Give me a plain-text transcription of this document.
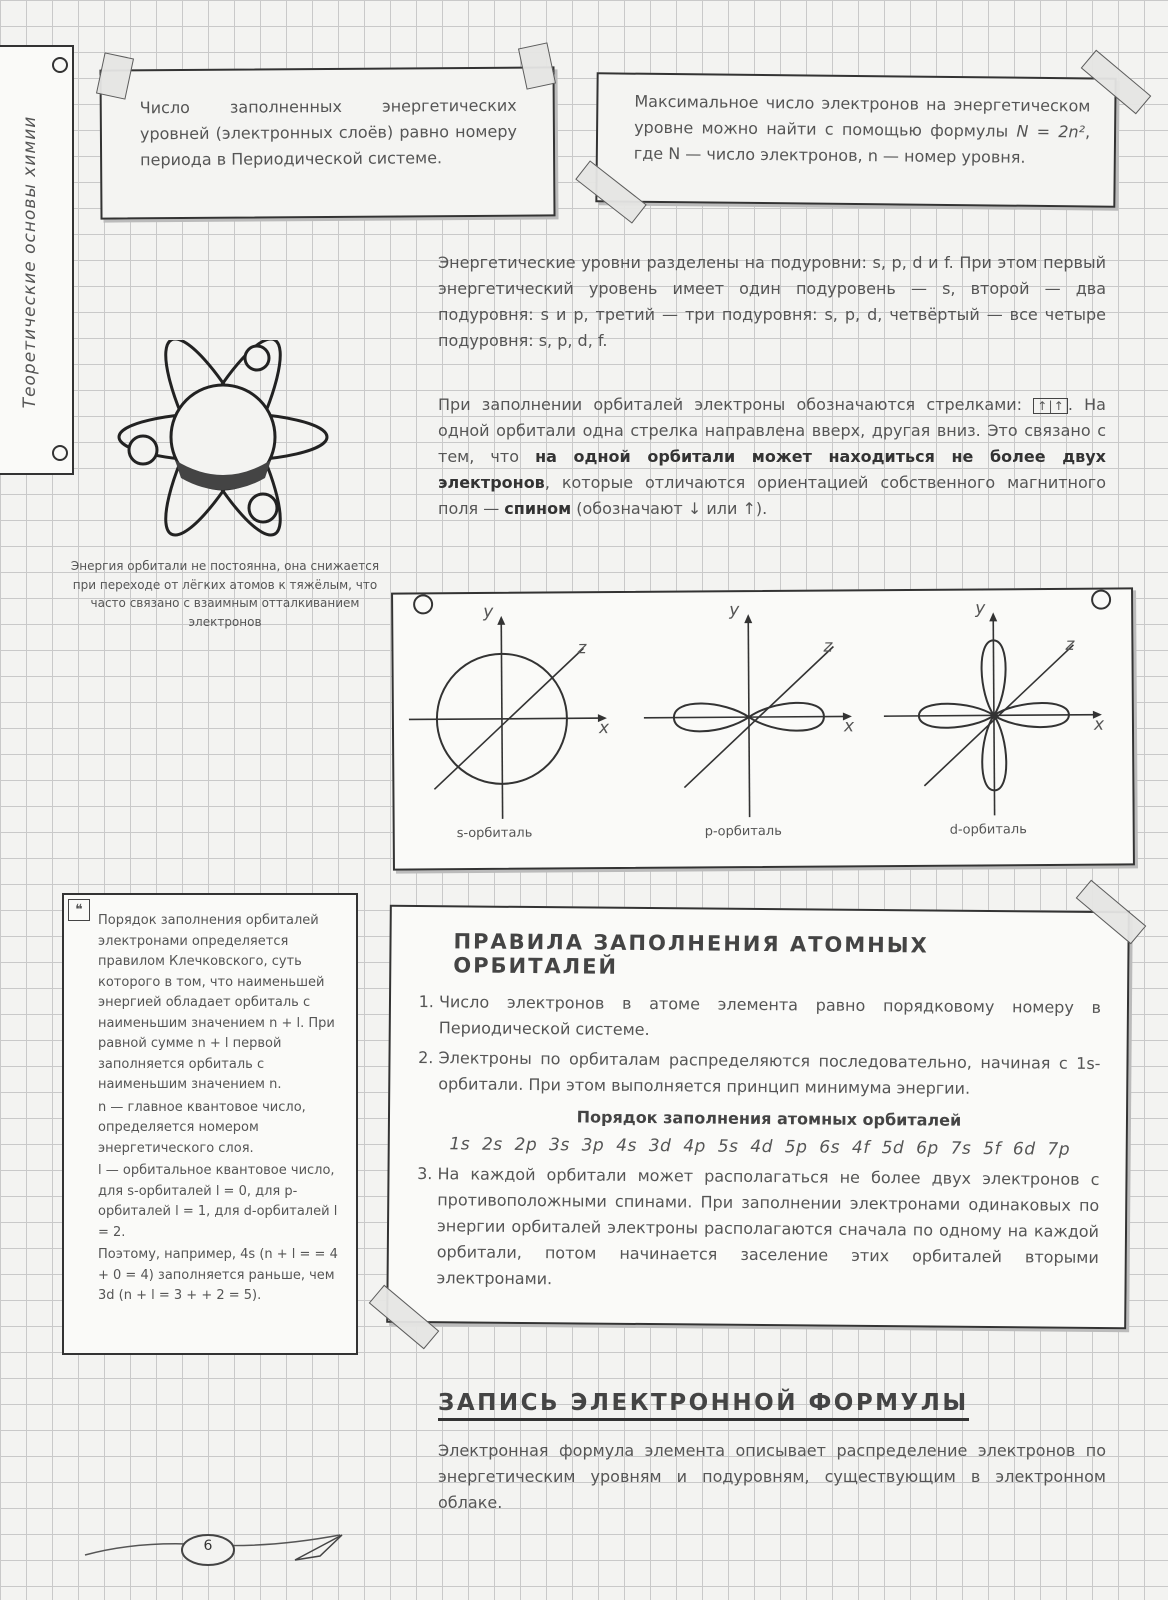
Теоретические основы химии
Число заполненных энергетических уровней (электронных слоёв) равно номеру периода в Периодической системе.
Максимальное число электронов на энергетическом уровне можно найти с помощью формулы N = 2n², где N — число электронов, n — номер уровня.
Энергия орбитали не постоянна, она снижается при переходе от лёгких атомов к тяжёлым, что часто связано с взаимным отталкиванием электронов
Энергетические уровни разделены на подуровни: s, p, d и f. При этом первый энергетический уровень имеет один подуровень — s, второй — два подуровня: s и p, третий — три подуровня: s, p, d, четвёртый — все четыре подуровня: s, p, d, f.
При заполнении орбиталей электроны обозначаются стрелками: ↑ | ↑ . На одной орбитали одна стрелка направлена вверх, другая вниз. Это связано с тем, что на одной орбитали может находиться не более двух электронов, которые отличаются ориентацией собственного магнитного поля — спином (обозначают ↓ или ↑).
y
z
x
y
z
x
y
z
x
s-орбиталь	p-орбиталь	d-орбиталь
❝
Порядок заполнения орбиталей электронами определяется правилом Клечковского, суть которого в том, что наименьшей энергией обладает орбиталь с наименьшим значением n + l. При равной сумме n + l первой заполняется орбиталь с наименьшим значением n.
n — главное квантовое число, определяется номером энергетического слоя.
l — орбитальное квантовое число, для s-орбиталей l = 0, для p-орбиталей l = 1, для d-орбиталей l = 2.
Поэтому, например, 4s (n + l = = 4 + 0 = 4) заполняется раньше, чем 3d (n + l = 3 + + 2 = 5).
ПРАВИЛА ЗАПОЛНЕНИЯ АТОМНЫХ ОРБИТАЛЕЙ
1. Число электронов в атоме элемента равно порядковому номеру в Периодической системе.
2. Электроны по орбиталам распределяются последовательно, начиная с 1s-орбитали. При этом выполняется принцип минимума энергии.
Порядок заполнения атомных орбиталей
1s 2s 2p 3s 3p 4s 3d 4p 5s 4d 5p 6s 4f 5d 6p 7s 5f 6d 7p
3. На каждой орбитали может располагаться не более двух электронов с противоположными спинами. При заполнении электронами одинаковых по энергии орбиталей электроны располагаются сначала по одному на каждой орбитали, потом начинается заселение этих орбиталей вторыми электронами.
ЗАПИСЬ ЭЛЕКТРОННОЙ ФОРМУЛЫ
Электронная формула элемента описывает распределение электронов по энергетическим уровням и подуровням, существующим в электронном облаке.
6
